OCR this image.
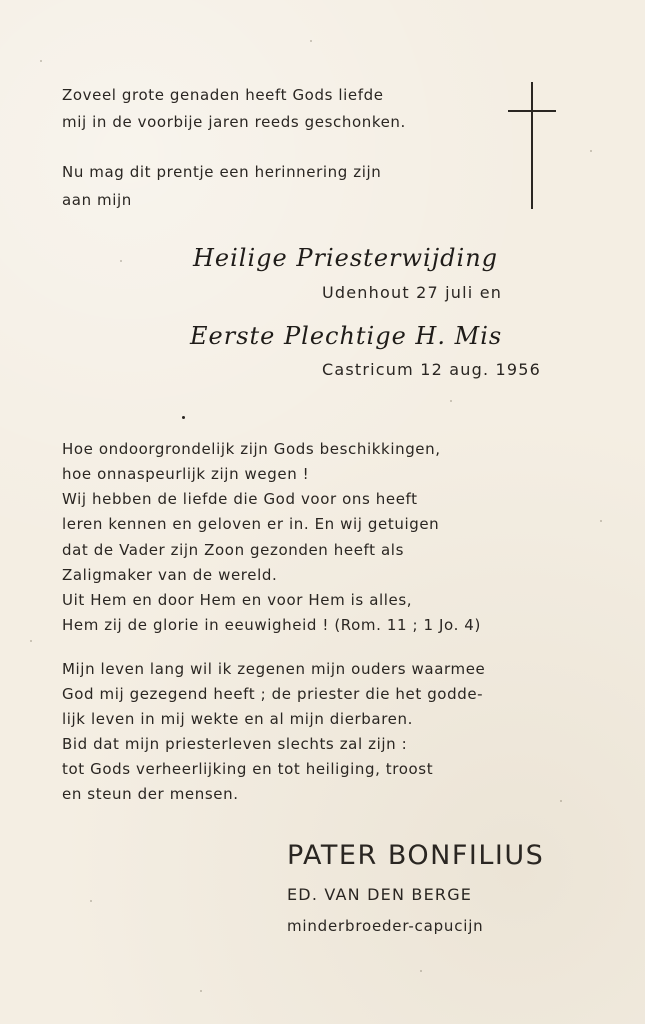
Zoveel grote genaden heeft Gods liefde
mij in de voorbije jaren reeds geschonken.
Nu mag dit prentje een herinnering zijn
aan mijn
Heilige Priesterwijding
Udenhout 27 juli en
Eerste Plechtige H. Mis
Castricum 12 aug. 1956
Hoe ondoorgrondelijk zijn Gods beschikkingen,
hoe onnaspeurlijk zijn wegen !
Wij hebben de liefde die God voor ons heeft
leren kennen en geloven er in. En wij getuigen
dat de Vader zijn Zoon gezonden heeft als
Zaligmaker van de wereld.
Uit Hem en door Hem en voor Hem is alles,
Hem zij de glorie in eeuwigheid ! (Rom. 11 ; 1 Jo. 4)
Mijn leven lang wil ik zegenen mijn ouders waarmee
God mij gezegend heeft ; de priester die het godde-
lijk leven in mij wekte en al mijn dierbaren.
Bid dat mijn priesterleven slechts zal zijn :
tot Gods verheerlijking en tot heiliging, troost
en steun der mensen.
PATER BONFILIUS
ED. VAN DEN BERGE
minderbroeder-capucijn
